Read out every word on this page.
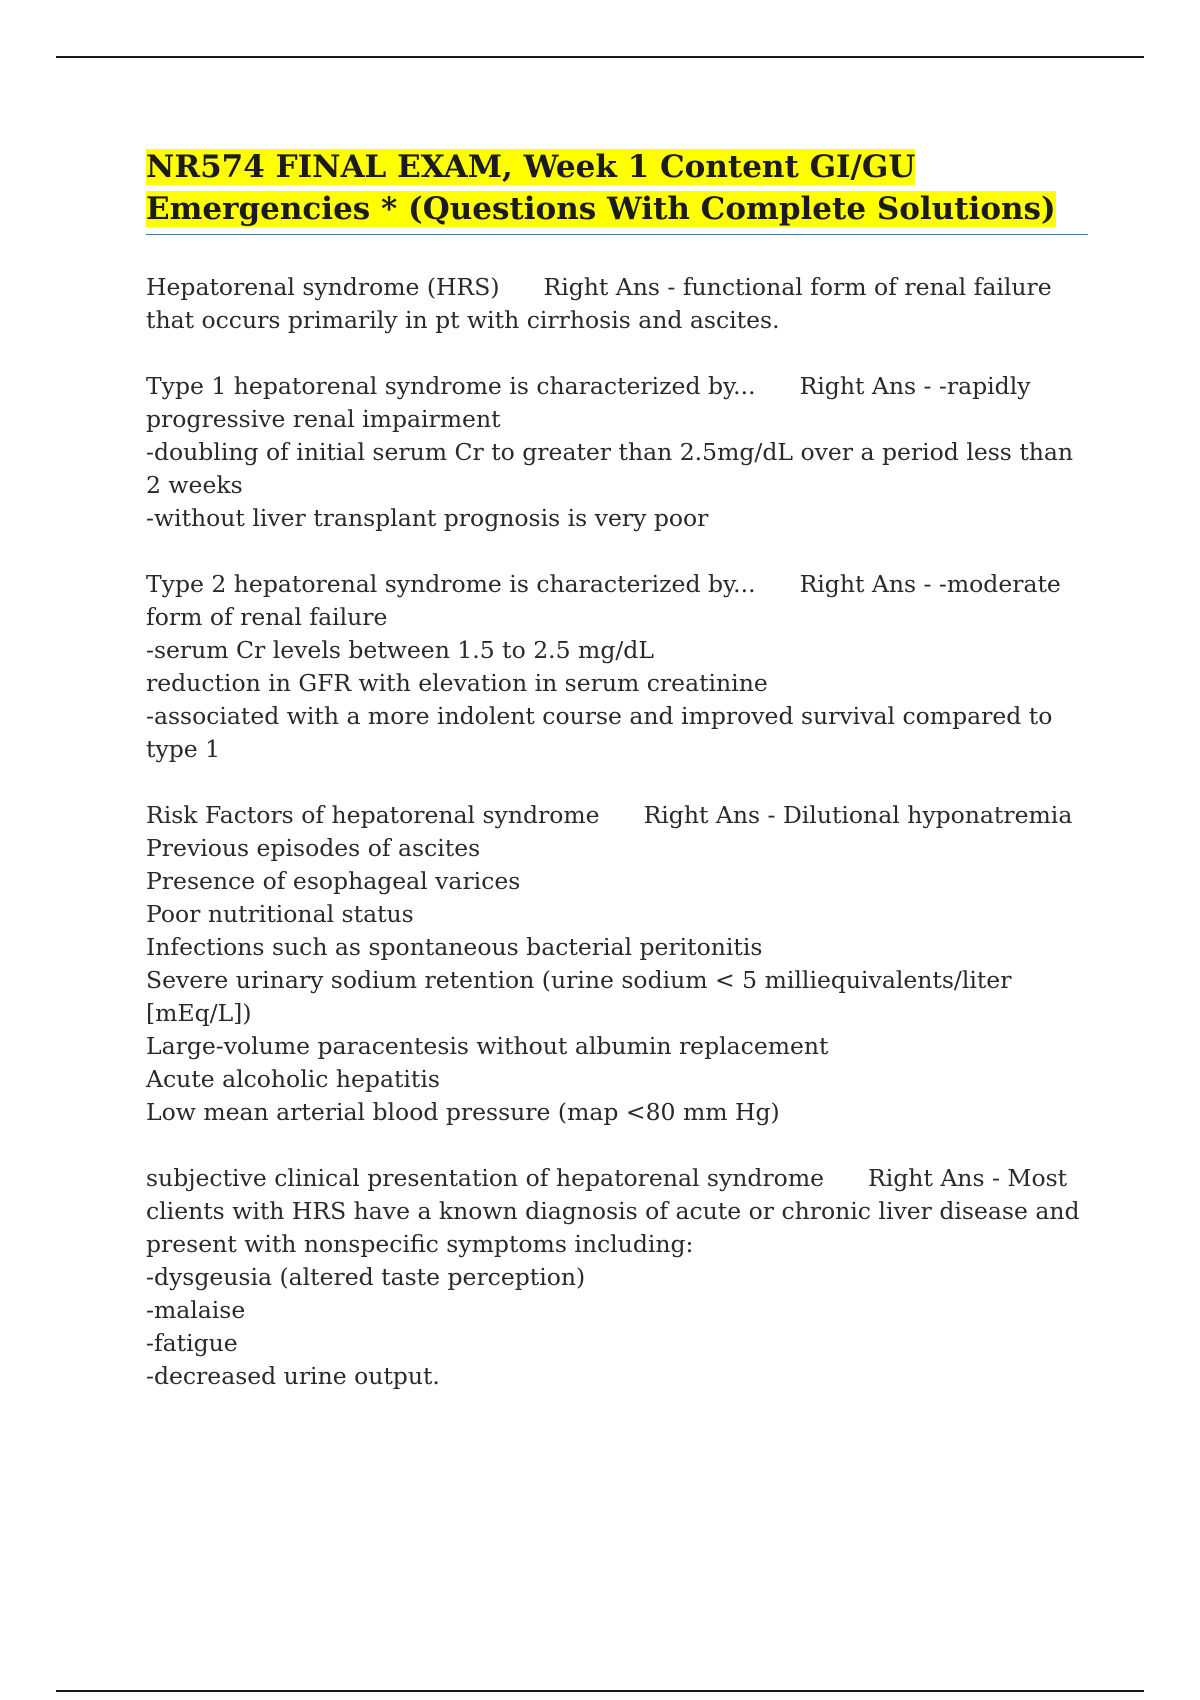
NR574 FINAL EXAM, Week 1 Content GI/GU
Emergencies * (Questions With Complete Solutions)

Hepatorenal syndrome (HRS) Right Ans - functional form of renal failure that occurs primarily in pt with cirrhosis and ascites.

Type 1 hepatorenal syndrome is characterized by... Right Ans - -rapidly progressive renal impairment

-doubling of initial serum Cr to greater than 2.5mg/dL over a period less than 2 weeks

-without liver transplant prognosis is very poor

Type 2 hepatorenal syndrome is characterized by... Right Ans - -moderate form of renal failure

-serum Cr levels between 1.5 to 2.5 mg/dL

reduction in GFR with elevation in serum creatinine

-associated with a more indolent course and improved survival compared to type 1

Risk Factors of hepatorenal syndrome Right Ans - Dilutional hyponatremia

Previous episodes of ascites

Presence of esophageal varices

Poor nutritional status

Infections such as spontaneous bacterial peritonitis

Severe urinary sodium retention (urine sodium < 5 milliequivalents/liter [mEq/L])

Large-volume paracentesis without albumin replacement

Acute alcoholic hepatitis

Low mean arterial blood pressure (map <80 mm Hg)

subjective clinical presentation of hepatorenal syndrome Right Ans - Most clients with HRS have a known diagnosis of acute or chronic liver disease and present with nonspecific symptoms including:

-dysgeusia (altered taste perception)

-malaise

-fatigue

-decreased urine output.
